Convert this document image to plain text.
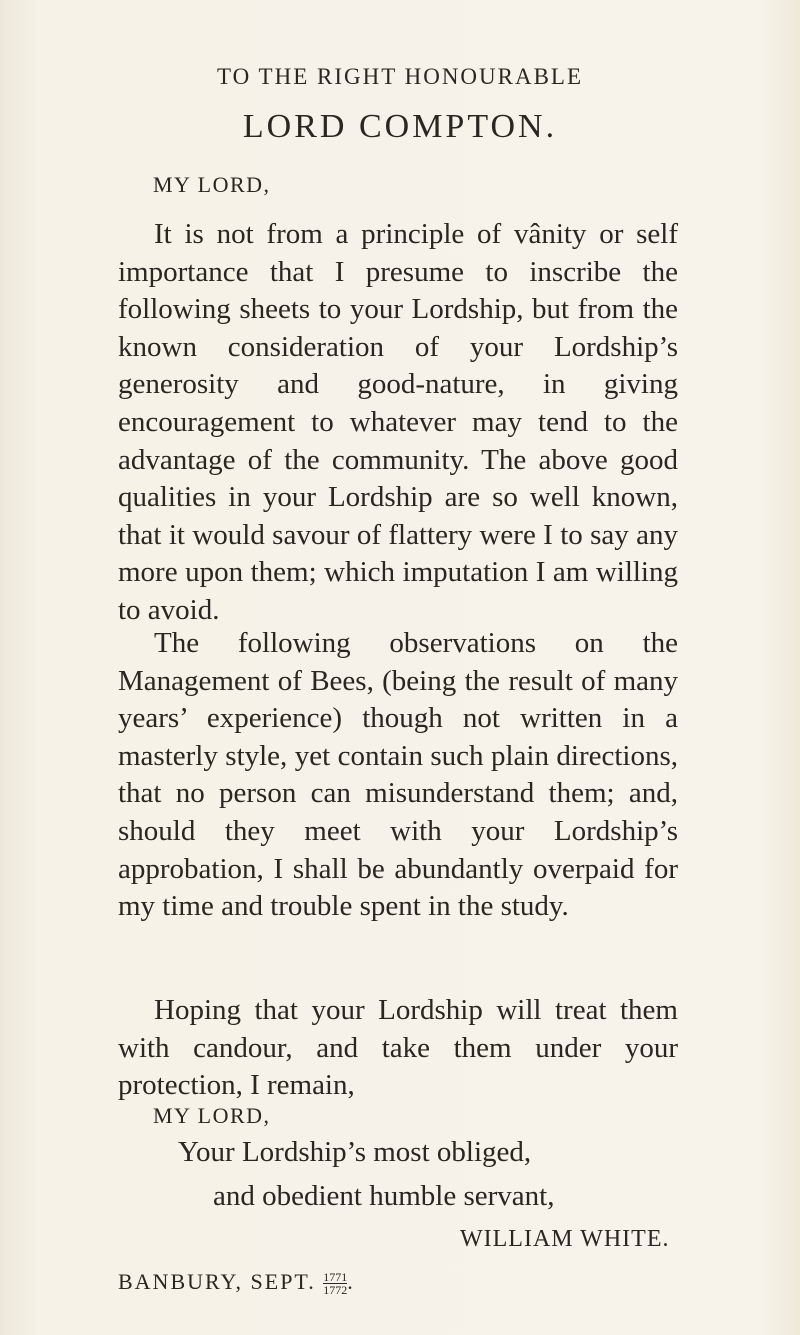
TO THE RIGHT HONOURABLE
LORD COMPTON.
MY LORD,

It is not from a principle of vânity or self importance that I presume to inscribe the following sheets to your Lordship, but from the known consideration of your Lordship’s generosity and good-nature, in giving encouragement to whatever may tend to the advantage of the community. The above good qualities in your Lordship are so well known, that it would savour of flattery were I to say any more upon them; which imputation I am willing to avoid.

The following observations on the Management of Bees, (being the result of many years’ experience) though not written in a masterly style, yet contain such plain directions, that no person can misunderstand them; and, should they meet with your Lordship’s approbation, I shall be abundantly overpaid for my time and trouble spent in the study.

Hoping that your Lordship will treat them with candour, and take them under your protection, I remain,

MY LORD,
Your Lordship’s most obliged,
and obedient humble servant,
WILLIAM WHITE.
BANBURY, SEPT. $\frac{1771}{1772}$ .
